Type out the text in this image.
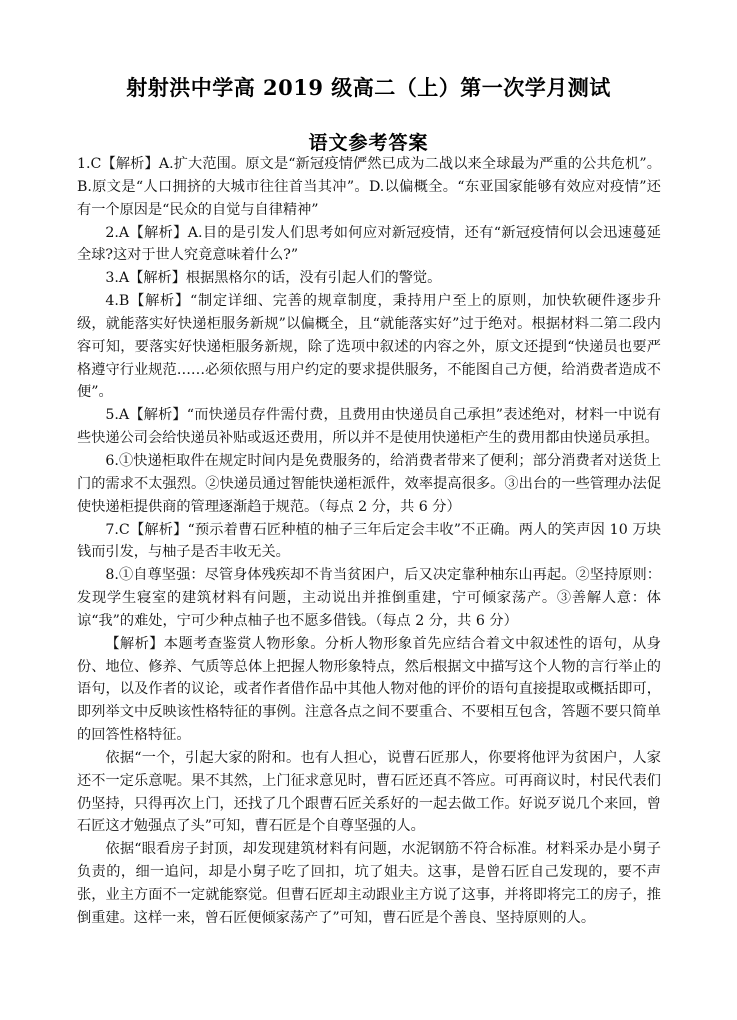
射射洪中学高 2019 级高二（上）第一次学月测试
语文参考答案

1.C【解析】A.扩大范围。原文是“新冠疫情俨然已成为二战以来全球最为严重的公共危机”。B.原文是“人口拥挤的大城市往往首当其冲”。D.以偏概全。“东亚国家能够有效应对疫情”还有一个原因是“民众的自觉与自律精神”

2.A【解析】A.目的是引发人们思考如何应对新冠疫情，还有“新冠疫情何以会迅速蔓延全球?这对于世人究竟意味着什么?”

3.A【解析】根据黑格尔的话，没有引起人们的警觉。

4.B【解析】“制定详细、完善的规章制度，秉持用户至上的原则，加快软硬件逐步升级，就能落实好快递柜服务新规”以偏概全，且“就能落实好”过于绝对。根据材料二第二段内容可知，要落实好快递柜服务新规，除了选项中叙述的内容之外，原文还提到“快递员也要严格遵守行业规范……必须依照与用户约定的要求提供服务，不能图自己方便，给消费者造成不便”。

5.A【解析】“而快递员存件需付费，且费用由快递员自己承担”表述绝对，材料一中说有些快递公司会给快递员补贴或返还费用，所以并不是使用快递柜产生的费用都由快递员承担。

6.①快递柜取件在规定时间内是免费服务的，给消费者带来了便利；部分消费者对送货上门的需求不太强烈。②快递员通过智能快递柜派件，效率提高很多。③出台的一些管理办法促使快递柜提供商的管理逐渐趋于规范。（每点 2 分，共 6 分）

7.C【解析】“预示着曹石匠种植的柚子三年后定会丰收”不正确。两人的笑声因 10 万块钱而引发，与柚子是否丰收无关。

8.①自尊坚强：尽管身体残疾却不肯当贫困户，后又决定靠种柚东山再起。②坚持原则：发现学生寝室的建筑材料有问题，主动说出并推倒重建，宁可倾家荡产。③善解人意：体谅“我”的难处，宁可少种点柚子也不愿多借钱。（每点 2 分，共 6 分）

【解析】本题考查鉴赏人物形象。分析人物形象首先应结合着文中叙述性的语句，从身份、地位、修养、气质等总体上把握人物形象特点，然后根据文中描写这个人物的言行举止的语句，以及作者的议论，或者作者借作品中其他人物对他的评价的语句直接提取或概括即可，即列举文中反映该性格特征的事例。注意各点之间不要重合、不要相互包含，答题不要只简单的回答性格特征。

依据“一个，引起大家的附和。也有人担心，说曹石匠那人，你要将他评为贫困户，人家还不一定乐意呢。果不其然，上门征求意见时，曹石匠还真不答应。可再商议时，村民代表们仍坚持，只得再次上门，还找了几个跟曹石匠关系好的一起去做工作。好说歹说几个来回，曾石匠这才勉强点了头”可知，曹石匠是个自尊坚强的人。

依据“眼看房子封顶，却发现建筑材料有问题，水泥钢筋不符合标准。材料采办是小舅子负责的，细一追问，却是小舅子吃了回扣，坑了姐夫。这事，是曾石匠自己发现的，要不声张，业主方面不一定就能察觉。但曹石匠却主动跟业主方说了这事，并将即将完工的房子，推倒重建。这样一来，曾石匠便倾家荡产了”可知，曹石匠是个善良、坚持原则的人。
